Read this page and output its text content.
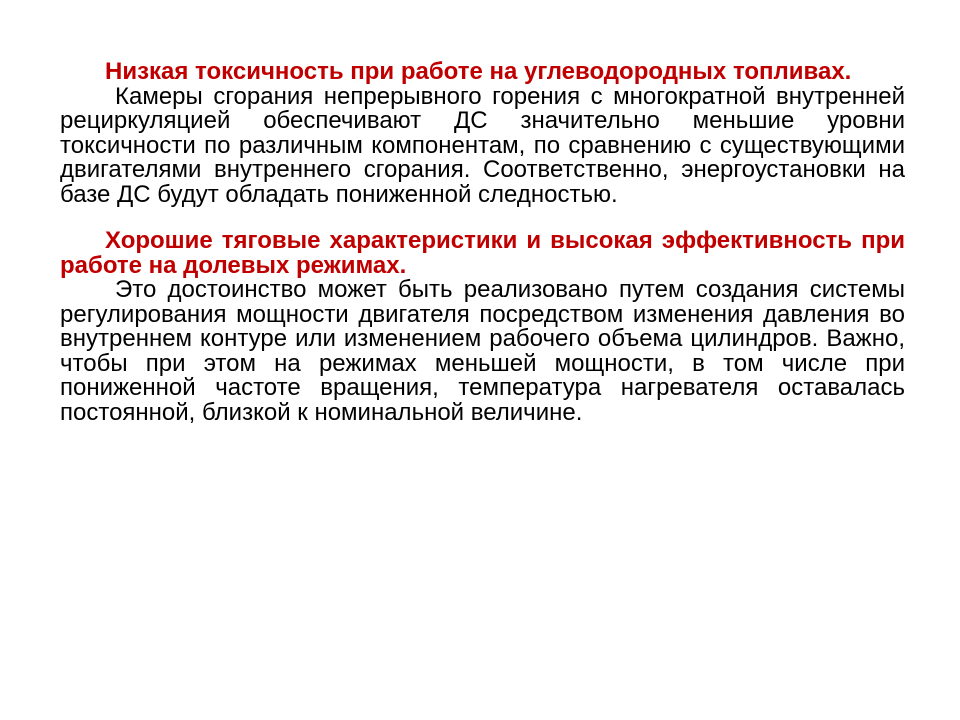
Низкая токсичность при работе на углеводородных топливах.

Камеры сгорания непрерывного горения с многократной внутренней рециркуляцией обеспечивают ДС значительно меньшие уровни токсичности по различным компонентам, по сравнению с существующими двигателями внутреннего сгорания. Соответственно, энергоустановки на базе ДС будут обладать пониженной следностью.

Хорошие тяговые характеристики и высокая эффективность при работе на долевых режимах.

Это достоинство может быть реализовано путем создания системы регулирования мощности двигателя посредством изменения давления во внутреннем контуре или изменением рабочего объема цилиндров. Важно, чтобы при этом на режимах меньшей мощности, в том числе при пониженной частоте вращения, температура нагревателя оставалась постоянной, близкой к номинальной величине.
